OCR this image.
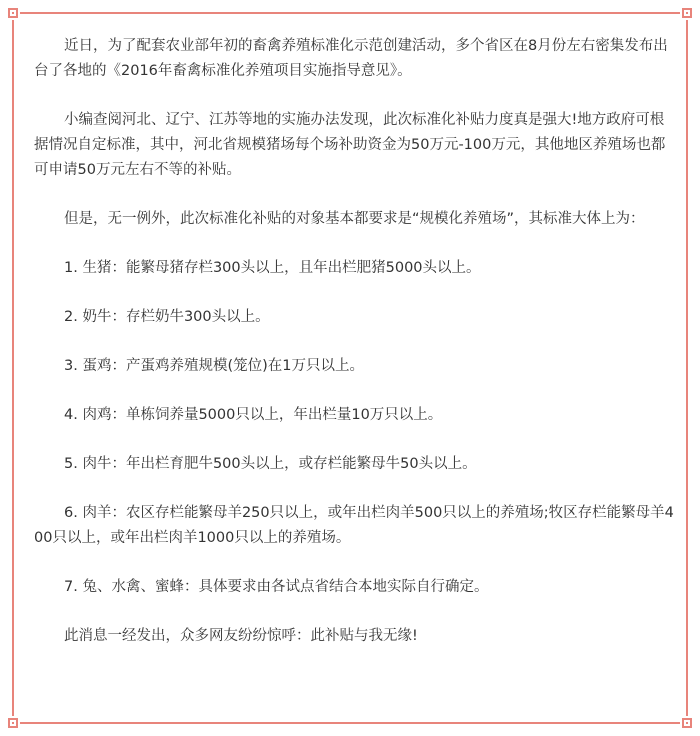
近日，为了配套农业部年初的畜禽养殖标准化示范创建活动，多个省区在8月份左右密集发布出台了各地的《2016年畜禽标准化养殖项目实施指导意见》。

小编查阅河北、辽宁、江苏等地的实施办法发现，此次标准化补贴力度真是强大!地方政府可根据情况自定标准，其中，河北省规模猪场每个场补助资金为50万元-100万元，其他地区养殖场也都可申请50万元左右不等的补贴。

但是，无一例外，此次标准化补贴的对象基本都要求是“规模化养殖场”，其标准大体上为：

1. 生猪：能繁母猪存栏300头以上，且年出栏肥猪5000头以上。

2. 奶牛：存栏奶牛300头以上。

3. 蛋鸡：产蛋鸡养殖规模(笼位)在1万只以上。

4. 肉鸡：单栋饲养量5000只以上，年出栏量10万只以上。

5. 肉牛：年出栏育肥牛500头以上，或存栏能繁母牛50头以上。

6. 肉羊：农区存栏能繁母羊250只以上，或年出栏肉羊500只以上的养殖场;牧区存栏能繁母羊400只以上，或年出栏肉羊1000只以上的养殖场。

7. 兔、水禽、蜜蜂：具体要求由各试点省结合本地实际自行确定。

此消息一经发出，众多网友纷纷惊呼：此补贴与我无缘!
